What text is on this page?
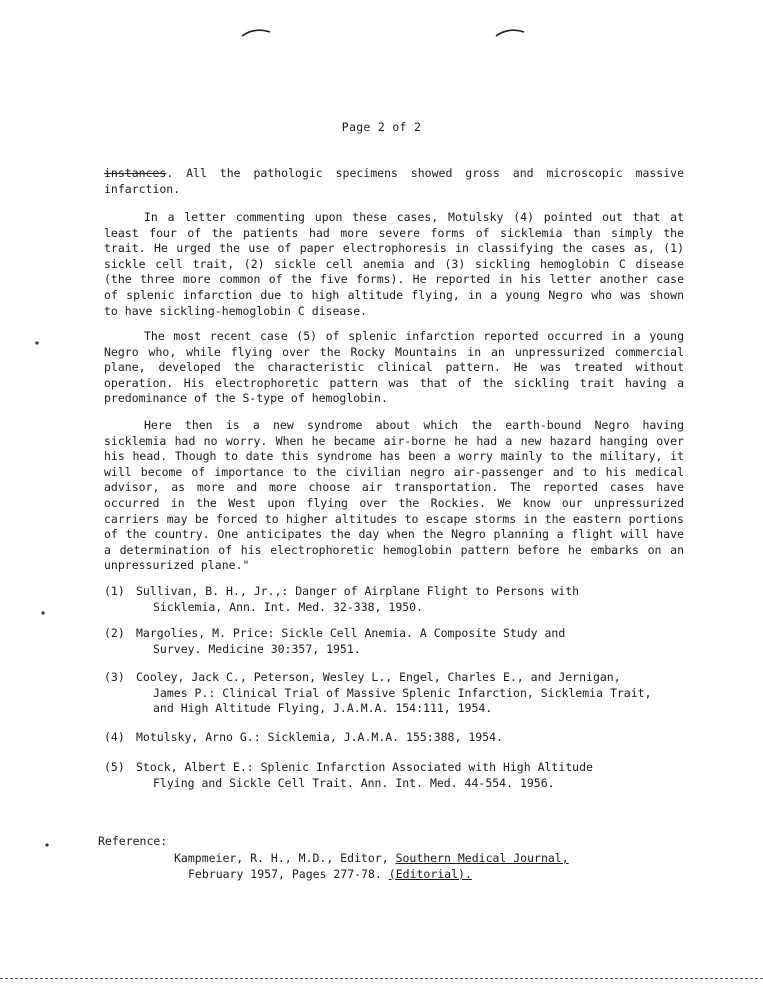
Page 2 of 2

instances. All the pathologic specimens showed gross and microscopic massive infarction.

In a letter commenting upon these cases, Motulsky (4) pointed out that at least four of the patients had more severe forms of sicklemia than simply the trait. He urged the use of paper electrophoresis in classifying the cases as, (1) sickle cell trait, (2) sickle cell anemia and (3) sickling hemoglobin C disease (the three more common of the five forms). He reported in his letter another case of splenic infarction due to high altitude flying, in a young Negro who was shown to have sickling-hemoglobin C disease.

The most recent case (5) of splenic infarction reported occurred in a young Negro who, while flying over the Rocky Mountains in an unpressurized commercial plane, developed the characteristic clinical pattern. He was treated without operation. His electrophoretic pattern was that of the sickling trait having a predominance of the S-type of hemoglobin.

Here then is a new syndrome about which the earth-bound Negro having sicklemia had no worry. When he became air-borne he had a new hazard hanging over his head. Though to date this syndrome has been a worry mainly to the military, it will become of importance to the civilian negro air-passenger and to his medical advisor, as more and more choose air transportation. The reported cases have occurred in the West upon flying over the Rockies. We know our unpressurized carriers may be forced to higher altitudes to escape storms in the eastern portions of the country. One anticipates the day when the Negro planning a flight will have a determination of his electrophoretic hemoglobin pattern before he embarks on an unpressurized plane."

(1) Sullivan, B. H., Jr.,: Danger of Airplane Flight to Persons with
Sicklemia, Ann. Int. Med. 32-338, 1950.
(2) Margolies, M. Price: Sickle Cell Anemia. A Composite Study and
Survey. Medicine 30:357, 1951.
(3) Cooley, Jack C., Peterson, Wesley L., Engel, Charles E., and Jernigan,
James P.: Clinical Trial of Massive Splenic Infarction, Sicklemia Trait, and High Altitude Flying, J.A.M.A. 154:111, 1954.
(4) Motulsky, Arno G.: Sicklemia, J.A.M.A. 155:388, 1954.
(5) Stock, Albert E.: Splenic Infarction Associated with High Altitude
Flying and Sickle Cell Trait. Ann. Int. Med. 44-554. 1956.
Reference:
Kampmeier, R. H., M.D., Editor, Southern Medical Journal,
February 1957, Pages 277-78. (Editorial).
